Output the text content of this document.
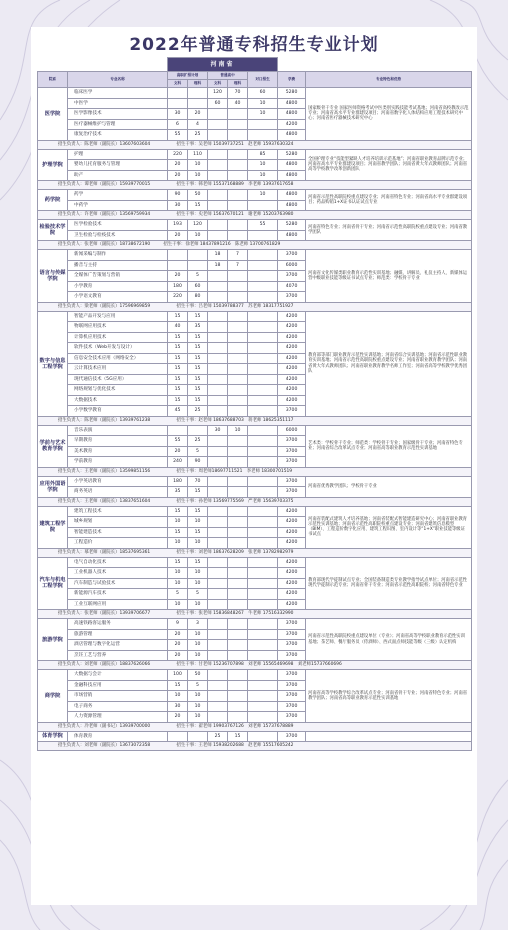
2022年普通专科招生专业计划
		河南省						
院系	专业名称	高职扩招计划		普通高中		对口招生	学费	专业特色和优势
		文科	理科	文科	理科			
医学院	临床医学			120	70	60	5280	国家级骨干专业 国家医师资格考试中医类别实践技能考试基地；河南省高校教改示范专业；河南省高水平专业群建设项目；河南省数字化人体结构应用工程技术研究中心；河南省医疗器械技术研究中心
	中医学			60	40	10	4800	
	医学影像技术	30	20			10	4800	
	医疗器械维护与管理	6	4				4200	
	康复治疗技术	55	25				4800	
招生负责人：陈老师（副院长）13607603604　　　　　　招生干事：吴老师 15039737251　赵老师 15937630324								
护理学院	护理	220	110			85	5280	全国护理专业“技能型紧缺人才培养培训示范基地”；河南省职业教育品牌示范专业；河南省高水平专业群建设项目；河南省教学团队；河南省黄大年式教师团队；河南省高等学校教学改革创新团队
	婴幼儿托育服务与管理	20	10			10	4800	
	助产	20	10			10	4800	
招生负责人：谭老师（副院长）15939770015　　　　　　招生干事：韩老师 15537168889　李老师 13937617658								
药学院	药学	90	50			10	4800	河南省示范性高职院校重点建设专业；河南省特色专业；河南省高水平专业群建设项目；药品购销1+X证书认证试点专业
	中药学	30	15				4800	
招生负责人：许老师（副院长）13569759934　　　　　　招生干事：史老师 15637670121　谢老师 15203763980								
检验技术学院	医学检验技术	193	120			55	5280	河南省特色专业；河南省骨干专业；河南省示范性高职院校重点建设专业；河南省教学团队
	卫生检验与检疫技术	20	10				4800	
招生负责人：张老师（副院长）18738672190　　　招生干事：徐老师 18437891216　陈老师 13700761829								
语言与传媒学院	新闻采编与制作			18	7		3700	河南省文化传媒类职业教育示范性实训基地；融媒、讲解员、礼仪主持人、新媒体运营中级职业技能等级证书试点专业；师范类：学校骨干专业
	播音与主持			18	7		6000	
	全媒体广告策划与营销	20	5				3700	
	小学教育	180	60				4070	
	小学语文教育	220	80				3700	
招生负责人：梁老师（副院长）17596969859　　　　　　招生干事：吕老师 15039788377　苏老师 18317751927								
数字与信息工程学院	智能产品开发与应用	15	15				4200	教育部等部门职业教育示范性实训基地；河南省综合实训基地；河南省示范性职业教育实训基地；河南省示范性高职院校重点建设专业；河南省职业教育教学团队；河南省黄大年式教师团队；河南省职业教育教学名师工作室；河南省高等学校教学优秀团队
	物联网应用技术	40	35				4200	
	计算机应用技术	15	15				4200	
	软件技术（Web开发与设计）	15	15				4200	
	信息安全技术应用（网络安全）	15	15				4200	
	云计算技术应用	15	15				4200	
	现代通信技术（5G应用）	15	15				4200	
	网络规划与优化技术	15	15				4200	
	大数据技术	15	15				4200	
	小学数学教育	45	25				3700	
招生负责人：陈老师（副院长）13939761238　　　　　　招生干事：赵老师 18637688703　蒋老师 18625351117								
学前与艺术教育学院	音乐表演			30	10		6000	艺术类：学校骨干专业；师范类：学校骨干专业；国家级骨干专业；河南省特色专业；河南省综合改革试点专业；河南省高等职业教育示范性实训基地
	早期教育	55	25				3700	
	美术教育	20	5				3700	
	学前教育	240	90				3700	
招生负责人：王老师（副院长）13599851156　　　　　　招生干事：周老师18697711521　李老师 18300701519								
应用外国语学院	小学英语教育	180	70				3700	河南省优秀教学团队；学校骨干专业
	商务英语	35	15				3700	
招生负责人：王老师（副院长）13837651604　　　　　　招生干事：孙老师 13569775569　严老师 15639703375								
建筑工程学院	建筑工程技术	15	15				4200	河南省装配式建筑人才培养基地；河南省装配式智能建造研究中心；河南省职业教育示范性实训基地；河南省示范性高职院校重点建设专业；河南省建筑信息模型（BIM）、工程造价数字化应用、建筑工程识图、室内设计等“1+X”职业技能等级证书试点
	城乡规划	10	10				4200	
	智能建造技术	15	15				4200	
	工程造价	10	10				4200	
招生负责人：慕老师（副院长）18537695361　　　　　　招生干事：刘老师 18637628209　张老师 13782982979								
汽车与机电工程学院	电气自动化技术	15	15				4200	教育部现代学徒制试点专业；全国装备制造类专业教学指导试点单位；河南省示范性现代学徒制示范专业；河南省骨干专业；河南省示范性高职院校；河南省特色专业
	工业机器人技术	10	10				4200	
	汽车制造与试验技术	10	10				4200	
	新能源汽车技术	5	5				4200	
	工业互联网应用	10	10				4200	
招生负责人：张老师（副院长）13939706677　　　　　　招生干事：张老师 15836848267　牛老师 17516332990								
旅游学院	高速铁路客运服务	9	3				3700	河南省示范性高职院校重点建设单位（专业）；河南省高等学校职业教育示范性实训基地；茶艺师、餐厅服务员（侍酒师）、西式面点师技能等级（三级）认定机构
	旅游管理	20	10				3700	
	酒店管理与数字化运营	20	10				3700	
	烹饪工艺与营养	20	10				3700	
招生负责人：刘老师（副院长）18837626066　　　　　　招生干事：甘老师 15236707898　刘老师 15565469698　刘老师15737660696								
商学院	大数据与会计	100	50				3700	河南省高等学校教学综合改革试点专业；河南省骨干专业；河南省特色专业；河南省教学团队；河南省高等职业教育示范性实训基地
	金融科技应用	15	5				3700	
	市场营销	10	10				3700	
	电子商务	30	10				3700	
	人力资源管理	20	10				3700	
招生负责人：冷老师（副书记）13939700000　　　　　　招生干事：翟老师 19903767126　刘老师 15737678889								
体育学院	体育教育			25	15		3700	
招生负责人：刘老师（副院长）13673072358　　　　　　招生干事：王老师 15938202688　赵老师 15517605242								
